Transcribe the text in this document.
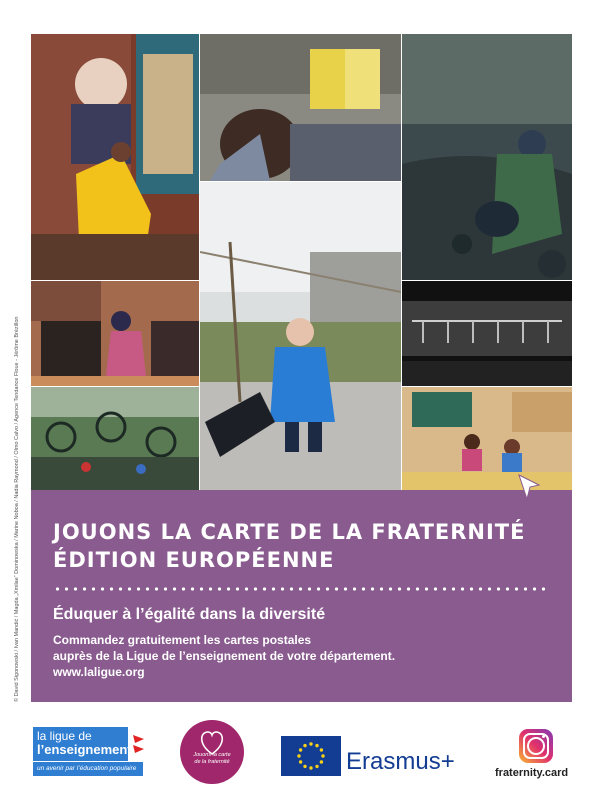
© David Sigonowski / Ivan Mandić / Magda „Xmilae“ Dominowska / Marine Noboa / Nadia Raymond / Olmo Calvo / Agence Tendance Floue - Jérôme Brézillon JOUONS LA CARTE DE LA FRATERNITÉ
ÉDITION EUROPÉENNE
Éduquer à l’égalité dans la diversité
Commandez gratuitement les cartes postales
auprès de la Ligue de l’enseignement de votre département.
www.laligue.org
la ligue de
l’enseignement
un avenir par l’éducation populaire
Jouons la carte de la fraternité	Erasmus+	fraternity.card
